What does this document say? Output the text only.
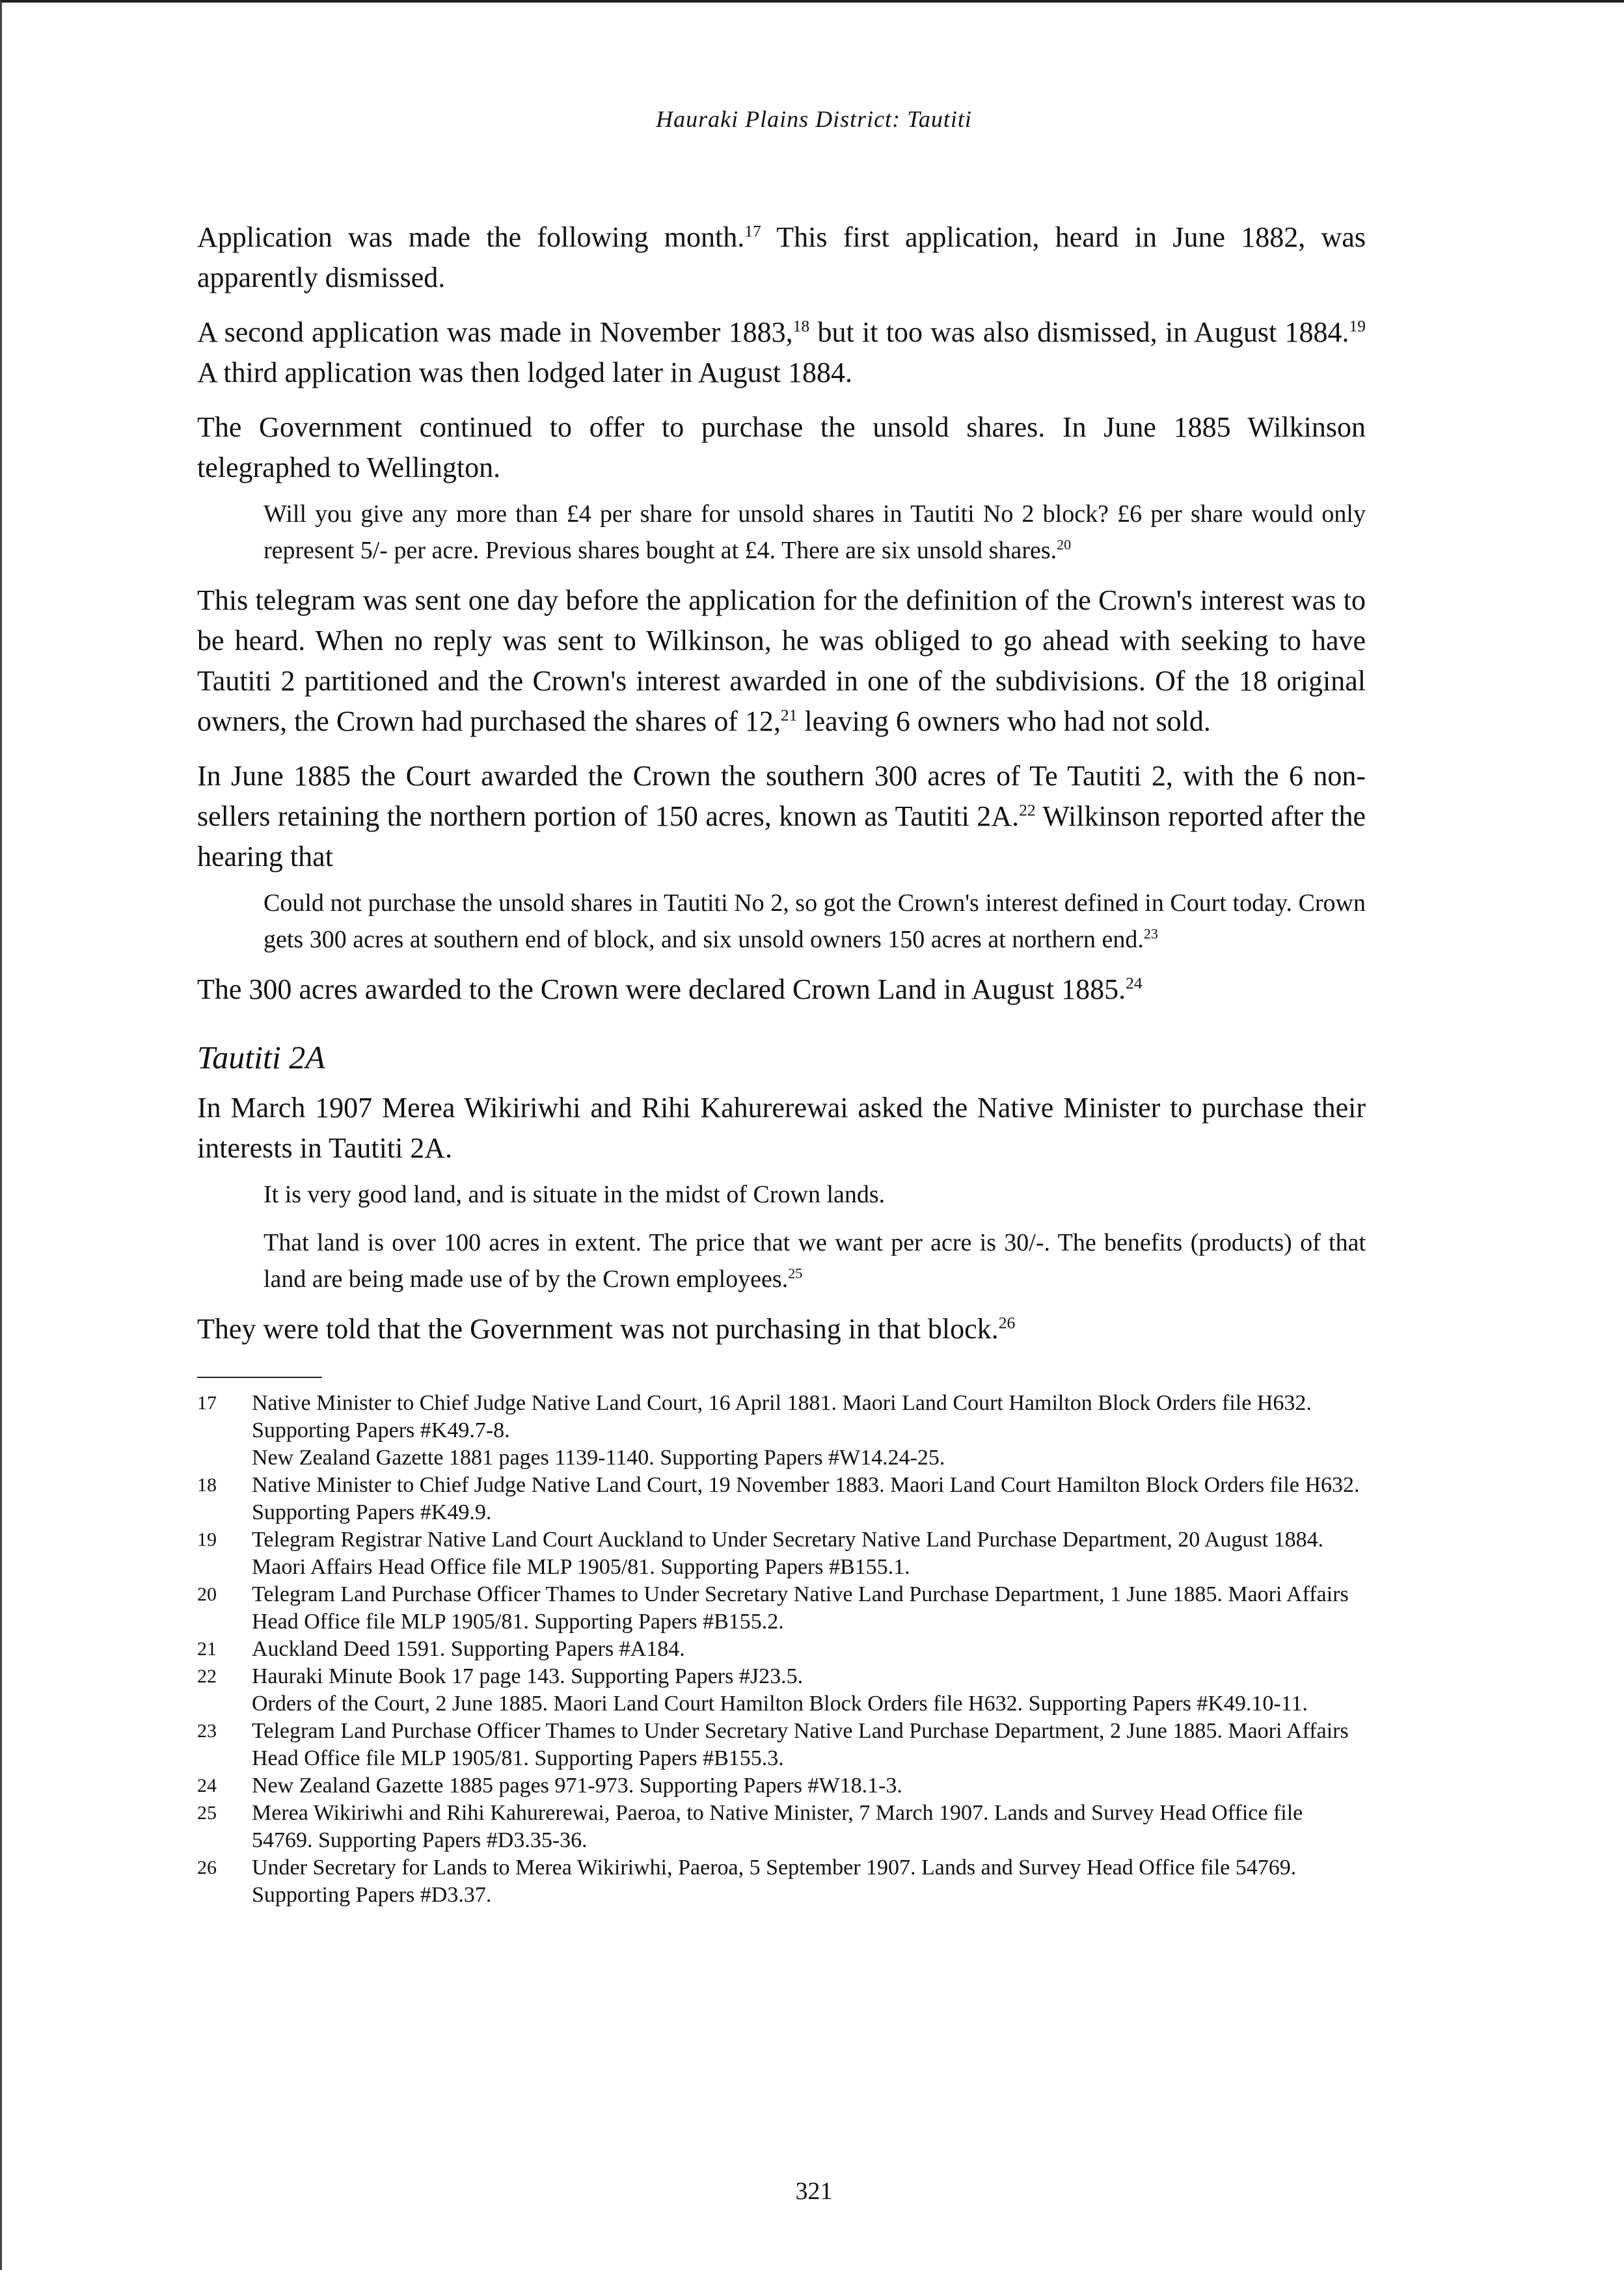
Hauraki Plains District: Tautiti

Application was made the following month.$^{17}$ This first application, heard in June 1882, was apparently dismissed.

A second application was made in November 1883,18 but it too was also dismissed, in August 1884.19 A third application was then lodged later in August 1884.

The Government continued to offer to purchase the unsold shares. In June 1885 Wilkinson telegraphed to Wellington.

Will you give any more than £4 per share for unsold shares in Tautiti No 2 block? £6 per share would only represent 5/- per acre. Previous shares bought at £4. There are six unsold shares.$^{20}$

This telegram was sent one day before the application for the definition of the Crown's interest was to be heard. When no reply was sent to Wilkinson, he was obliged to go ahead with seeking to have Tautiti 2 partitioned and the Crown's interest awarded in one of the subdivisions. Of the 18 original owners, the Crown had purchased the shares of 12,21 leaving 6 owners who had not sold.

In June 1885 the Court awarded the Crown the southern 300 acres of Te Tautiti 2, with the 6 non-sellers retaining the northern portion of 150 acres, known as Tautiti 2A.$^{22}$ Wilkinson reported after the hearing that

Could not purchase the unsold shares in Tautiti No 2, so got the Crown's interest defined in Court today. Crown gets 300 acres at southern end of block, and six unsold owners 150 acres at northern end.$^{23}$

The 300 acres awarded to the Crown were declared Crown Land in August 1885.24

Tautiti 2A

In March 1907 Merea Wikiriwhi and Rihi Kahurerewai asked the Native Minister to purchase their interests in Tautiti 2A.

It is very good land, and is situate in the midst of Crown lands.

That land is over 100 acres in extent. The price that we want per acre is 30/-. The benefits (products) of that land are being made use of by the Crown employees.$^{25}$

They were told that the Government was not purchasing in that block.$^{26}$

17	Native Minister to Chief Judge Native Land Court, 16 April 1881. Maori Land Court Hamilton Block Orders file H632. Supporting Papers #K49.7-8.
New Zealand Gazette 1881 pages 1139-1140. Supporting Papers #W14.24-25.
18	Native Minister to Chief Judge Native Land Court, 19 November 1883. Maori Land Court Hamilton Block Orders file H632. Supporting Papers #K49.9.
19	Telegram Registrar Native Land Court Auckland to Under Secretary Native Land Purchase Department, 20 August 1884. Maori Affairs Head Office file MLP 1905/81. Supporting Papers #B155.1.
20	Telegram Land Purchase Officer Thames to Under Secretary Native Land Purchase Department, 1 June 1885. Maori Affairs Head Office file MLP 1905/81. Supporting Papers #B155.2.
21	Auckland Deed 1591. Supporting Papers #A184.
22	Hauraki Minute Book 17 page 143. Supporting Papers #J23.5.
Orders of the Court, 2 June 1885. Maori Land Court Hamilton Block Orders file H632. Supporting Papers #K49.10-11.
23	Telegram Land Purchase Officer Thames to Under Secretary Native Land Purchase Department, 2 June 1885. Maori Affairs Head Office file MLP 1905/81. Supporting Papers #B155.3.
24	New Zealand Gazette 1885 pages 971-973. Supporting Papers #W18.1-3.
25	Merea Wikiriwhi and Rihi Kahurerewai, Paeroa, to Native Minister, 7 March 1907. Lands and Survey Head Office file 54769. Supporting Papers #D3.35-36.
26	Under Secretary for Lands to Merea Wikiriwhi, Paeroa, 5 September 1907. Lands and Survey Head Office file 54769. Supporting Papers #D3.37.
321
